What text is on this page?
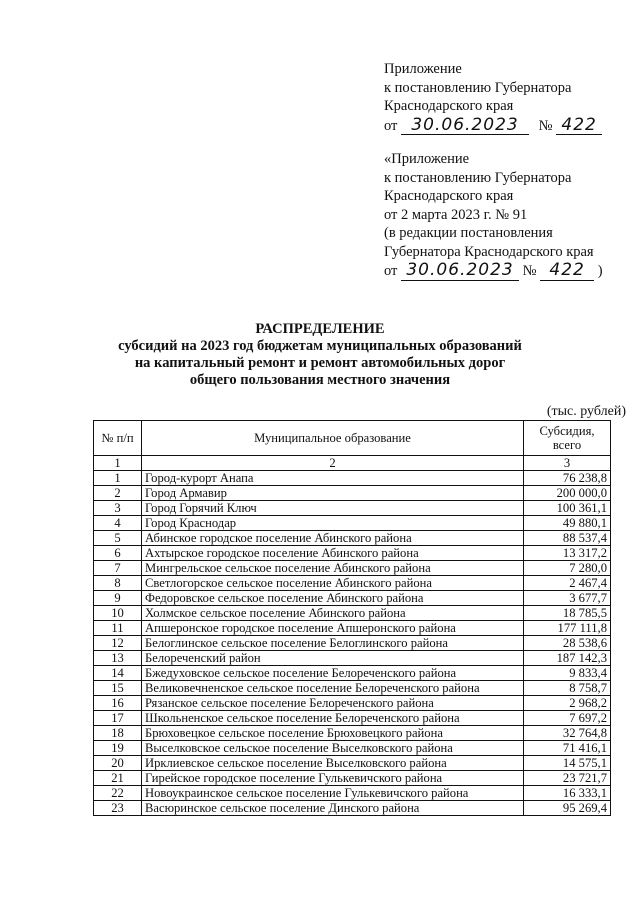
Приложение
к постановлению Губернатора
Краснодарского края
от 30.06.2023 № 422
«Приложение
к постановлению Губернатора
Краснодарского края
от 2 марта 2023 г. № 91
(в редакции постановления
Губернатора Краснодарского края
от 30.06.2023 № 422 )
РАСПРЕДЕЛЕНИЕ
субсидий на 2023 год бюджетам муниципальных образований
на капитальный ремонт и ремонт автомобильных дорог
общего пользования местного значения
(тыс. рублей)
№ п/п	Муниципальное образование	Субсидия,
всего
1	2	3
1	Город-курорт Анапа	76 238,8
2	Город Армавир	200 000,0
3	Город Горячий Ключ	100 361,1
4	Город Краснодар	49 880,1
5	Абинское городское поселение Абинского района	88 537,4
6	Ахтырское городское поселение Абинского района	13 317,2
7	Мингрельское сельское поселение Абинского района	7 280,0
8	Светлогорское сельское поселение Абинского района	2 467,4
9	Федоровское сельское поселение Абинского района	3 677,7
10	Холмское сельское поселение Абинского района	18 785,5
11	Апшеронское городское поселение Апшеронского района	177 111,8
12	Белоглинское сельское поселение Белоглинского района	28 538,6
13	Белореченский район	187 142,3
14	Бжедуховское сельское поселение Белореченского района	9 833,4
15	Великовечненское сельское поселение Белореченского района	8 758,7
16	Рязанское сельское поселение Белореченского района	2 968,2
17	Школьненское сельское поселение Белореченского района	7 697,2
18	Брюховецкое сельское поселение Брюховецкого района	32 764,8
19	Выселковское сельское поселение Выселковского района	71 416,1
20	Ирклиевское сельское поселение Выселковского района	14 575,1
21	Гирейское городское поселение Гулькевичского района	23 721,7
22	Новоукраинское сельское поселение Гулькевичского района	16 333,1
23	Васюринское сельское поселение Динского района	95 269,4
